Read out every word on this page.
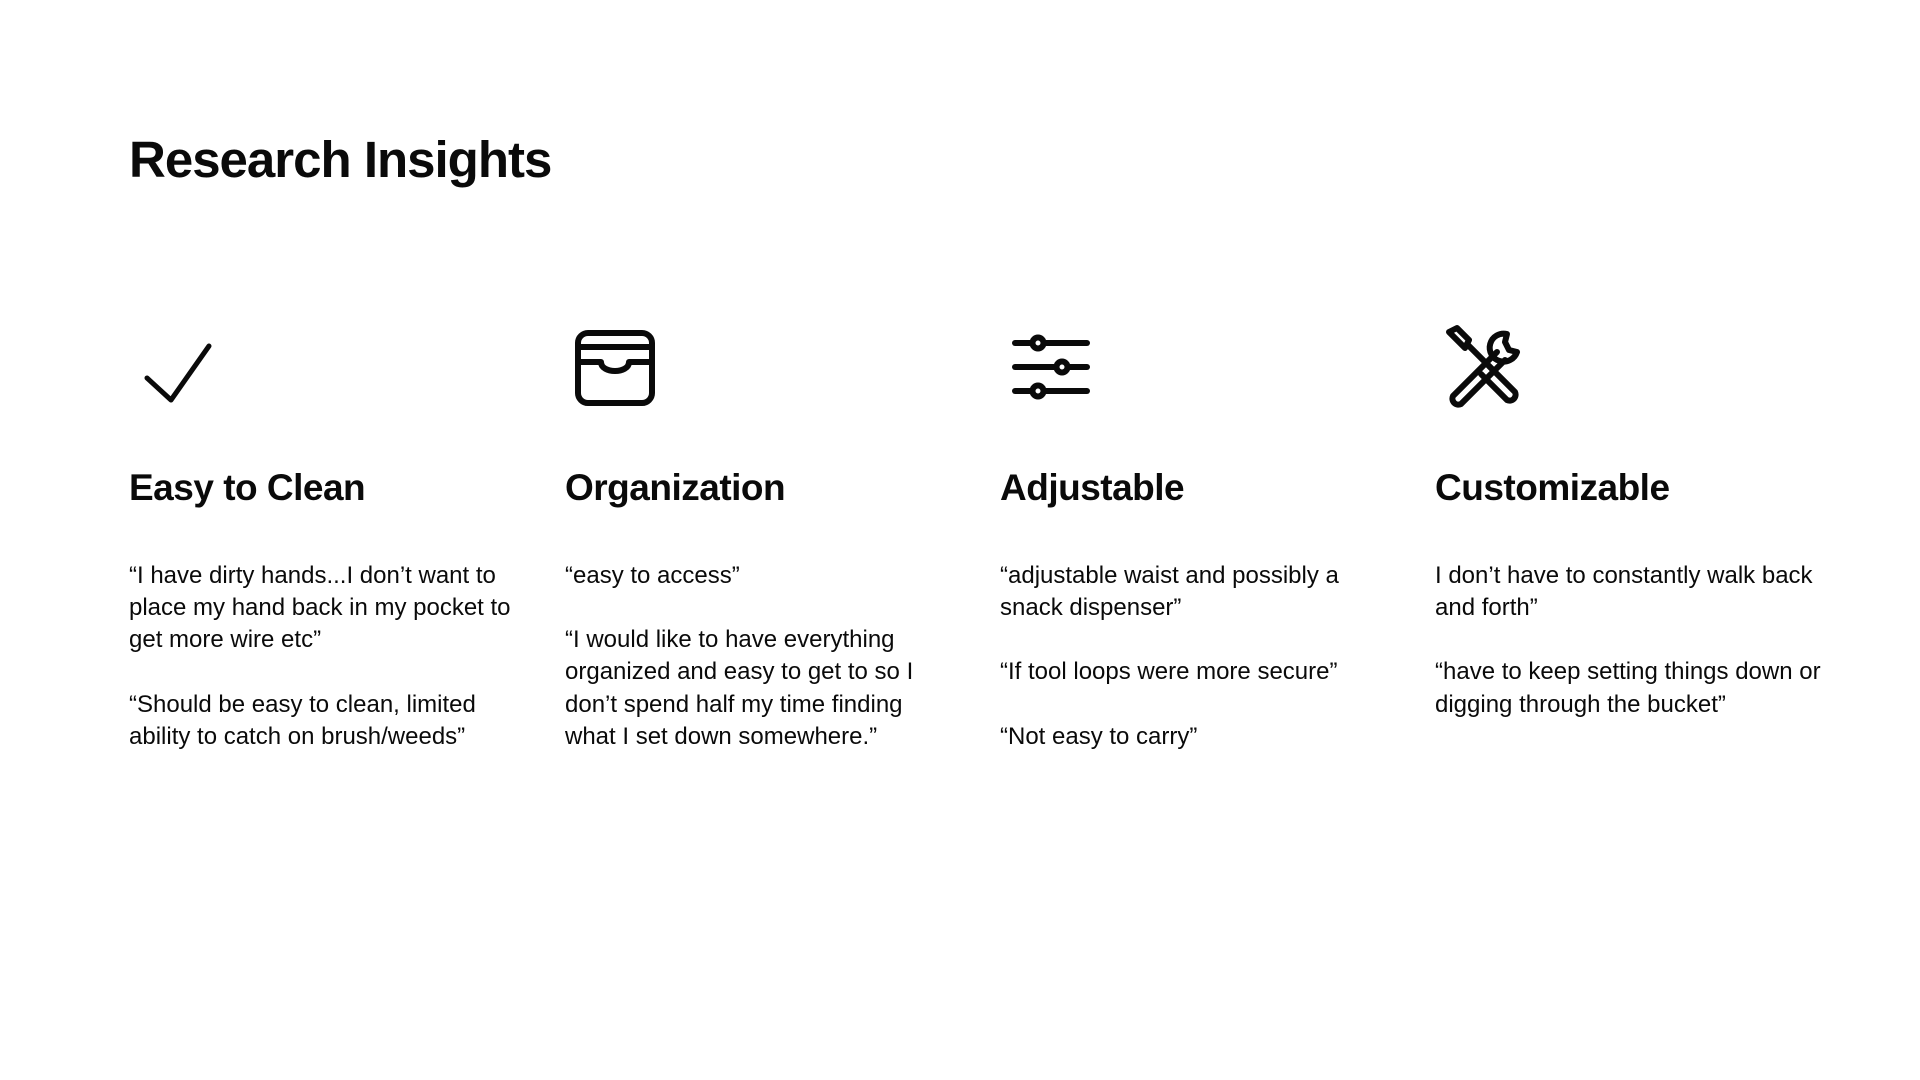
Research Insights
Easy to Clean
“I have dirty hands...I don’t want to place my hand back in my pocket to get more wire etc”
“Should be easy to clean, limited ability to catch on brush/weeds”
Organization
“easy to access”
“I would like to have everything organized and easy to get to so I don’t spend half my time finding what I set down somewhere.”
Adjustable
“adjustable waist and possibly a snack dispenser”
“If tool loops were more secure”
“Not easy to carry”
Customizable
I don’t have to constantly walk back and forth”
“have to keep setting things down or digging through the bucket”
